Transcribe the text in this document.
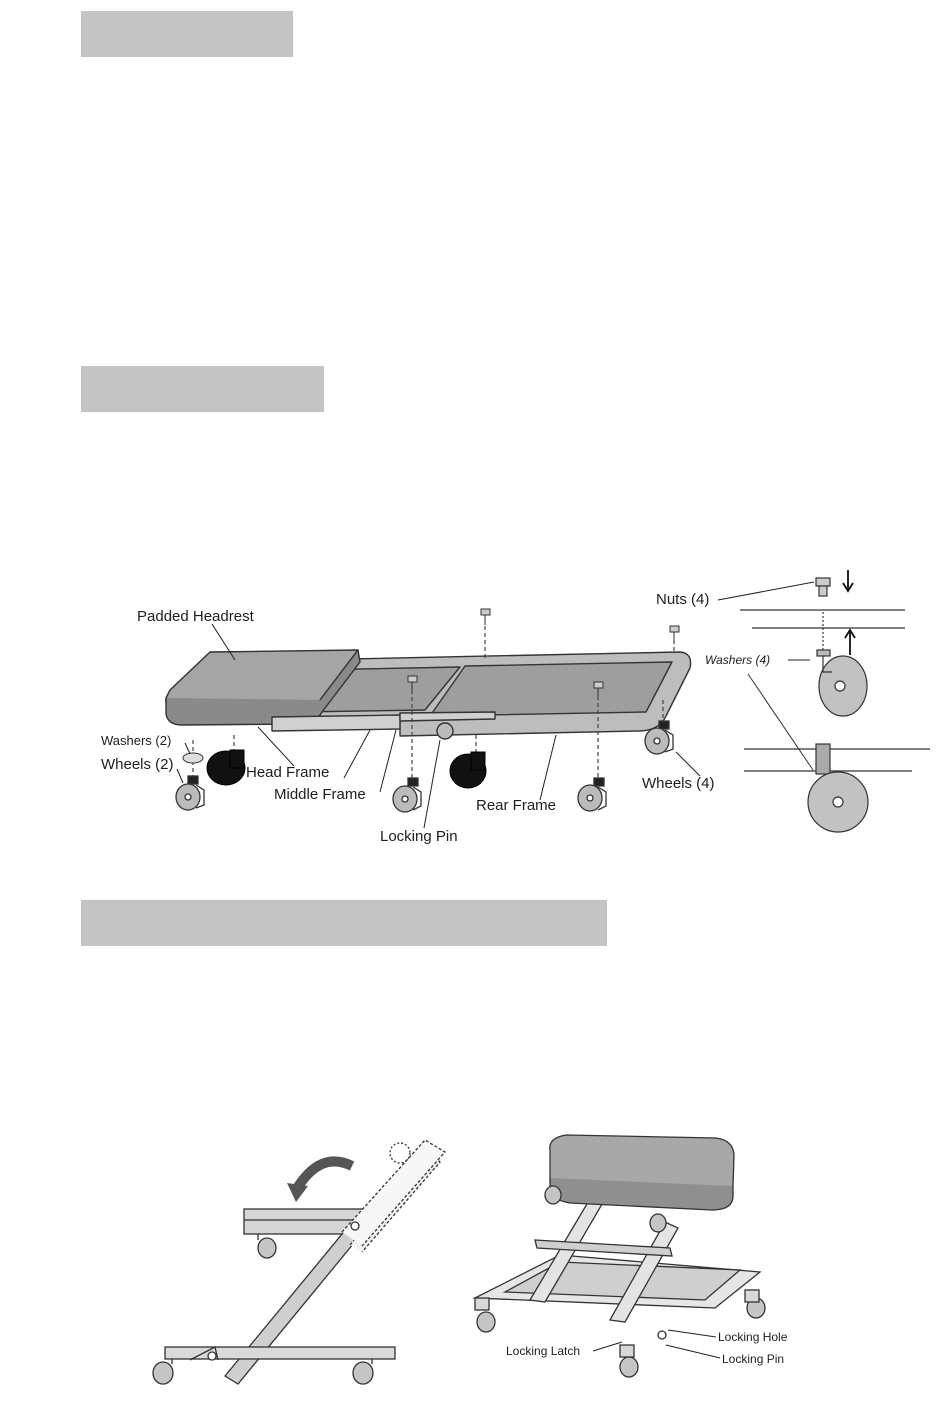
Padded Headrest
Nuts (4)
Washers (4)
Washers (2)
Wheels (2)	Head Frame
Middle Frame
Locking Pin
Rear Frame
Wheels (4)
Locking Latch
Locking Hole
Locking Pin
